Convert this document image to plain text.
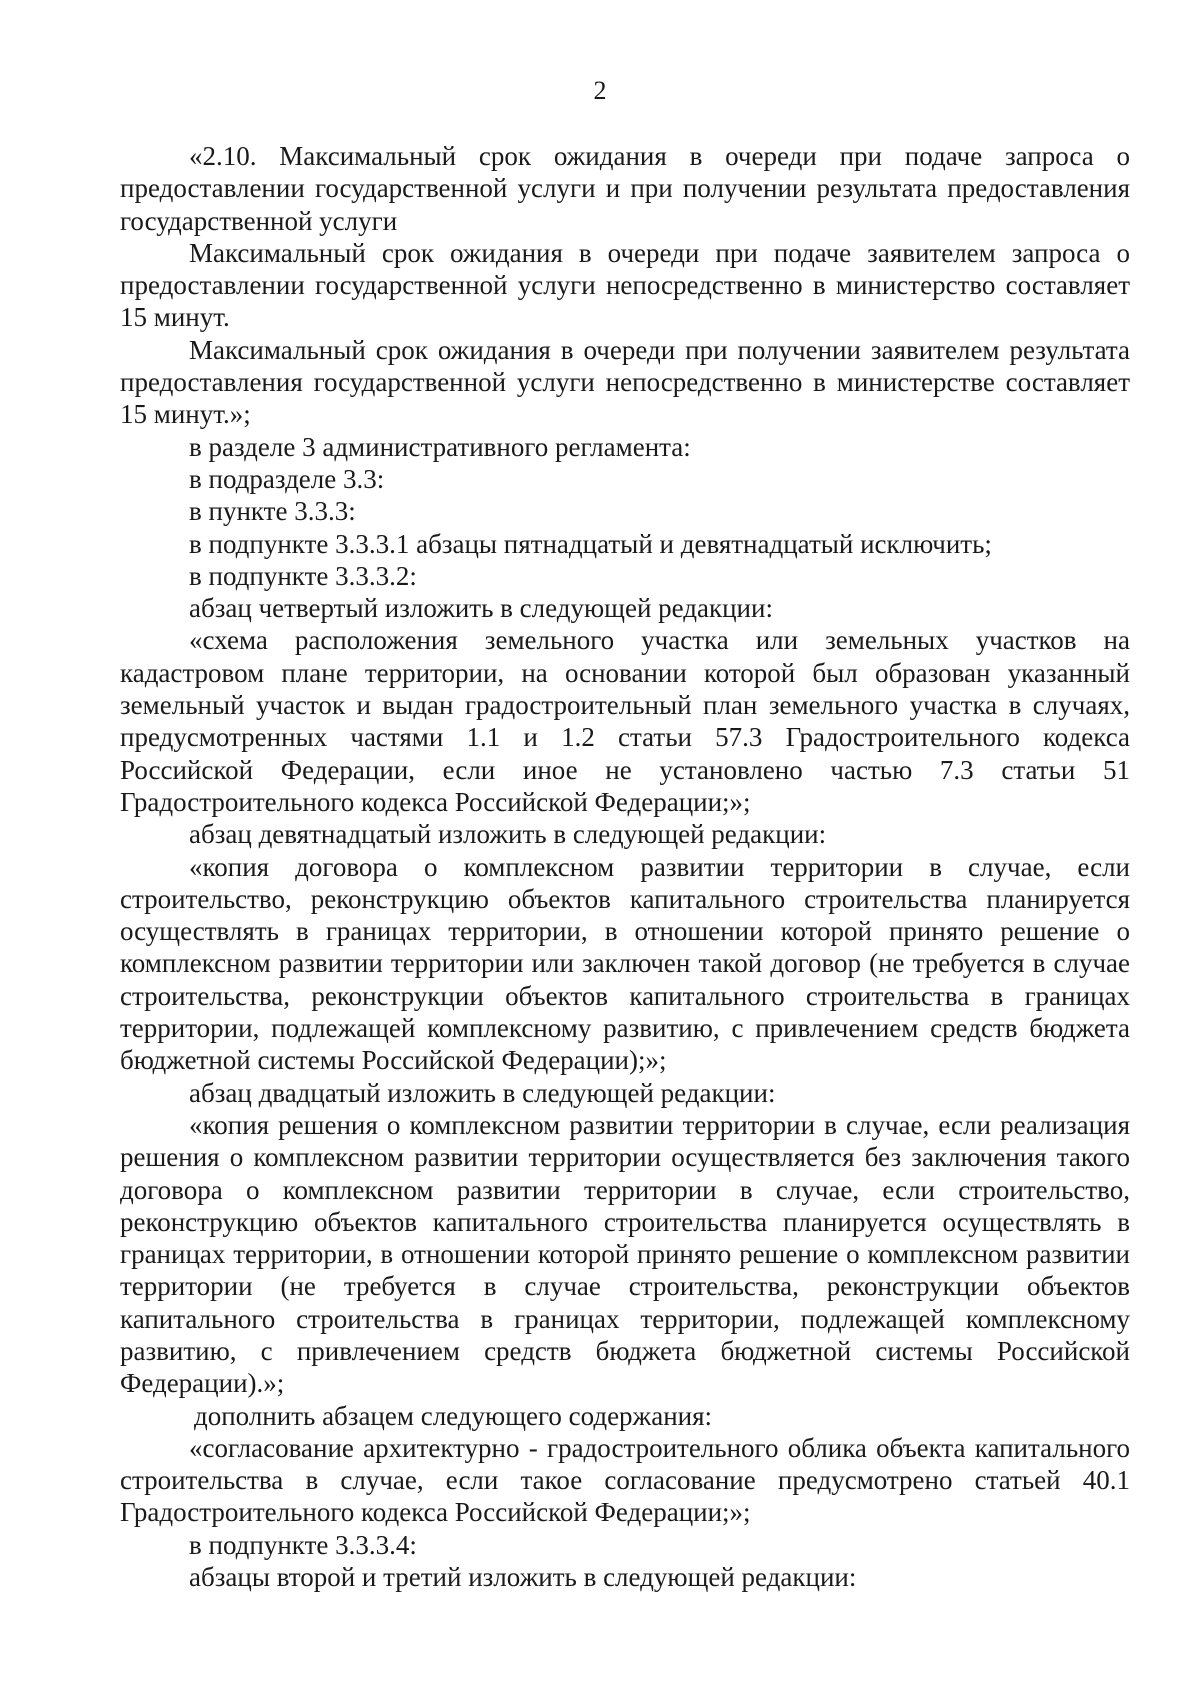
2

«2.10. Максимальный срок ожидания в очереди при подаче запроса о предоставлении государственной услуги и при получении результата предоставления государственной услуги

Максимальный срок ожидания в очереди при подаче заявителем запроса о предоставлении государственной услуги непосредственно в министерство составляет 15 минут.

Максимальный срок ожидания в очереди при получении заявителем результата предоставления государственной услуги непосредственно в министерстве составляет 15 минут.»;

в разделе 3 административного регламента:

в подразделе 3.3:

в пункте 3.3.3:

в подпункте 3.3.3.1 абзацы пятнадцатый и девятнадцатый исключить;

в подпункте 3.3.3.2:

абзац четвертый изложить в следующей редакции:

«схема расположения земельного участка или земельных участков на кадастровом плане территории, на основании которой был образован указанный земельный участок и выдан градостроительный план земельного участка в случаях, предусмотренных частями 1.1 и 1.2 статьи 57.3 Градостроительного кодекса Российской Федерации, если иное не установлено частью 7.3 статьи 51 Градостроительного кодекса Российской Федерации;»;

абзац девятнадцатый изложить в следующей редакции:

«копия договора о комплексном развитии территории в случае, если строительство, реконструкцию объектов капитального строительства планируется осуществлять в границах территории, в отношении которой принято решение о комплексном развитии территории или заключен такой договор (не требуется в случае строительства, реконструкции объектов капитального строительства в границах территории, подлежащей комплексному развитию, с привлечением средств бюджета бюджетной системы Российской Федерации);»;

абзац двадцатый изложить в следующей редакции:

«копия решения о комплексном развитии территории в случае, если реализация решения о комплексном развитии территории осуществляется без заключения такого договора о комплексном развитии территории в случае, если строительство, реконструкцию объектов капитального строительства планируется осуществлять в границах территории, в отношении которой принято решение о комплексном развитии территории (не требуется в случае строительства, реконструкции объектов капитального строительства в границах территории, подлежащей комплексному развитию, с привлечением средств бюджета бюджетной системы Российской Федерации).»;

дополнить абзацем следующего содержания:

«согласование архитектурно - градостроительного облика объекта капитального строительства в случае, если такое согласование предусмотрено статьей 40.1 Градостроительного кодекса Российской Федерации;»;

в подпункте 3.3.3.4:

абзацы второй и третий изложить в следующей редакции:
